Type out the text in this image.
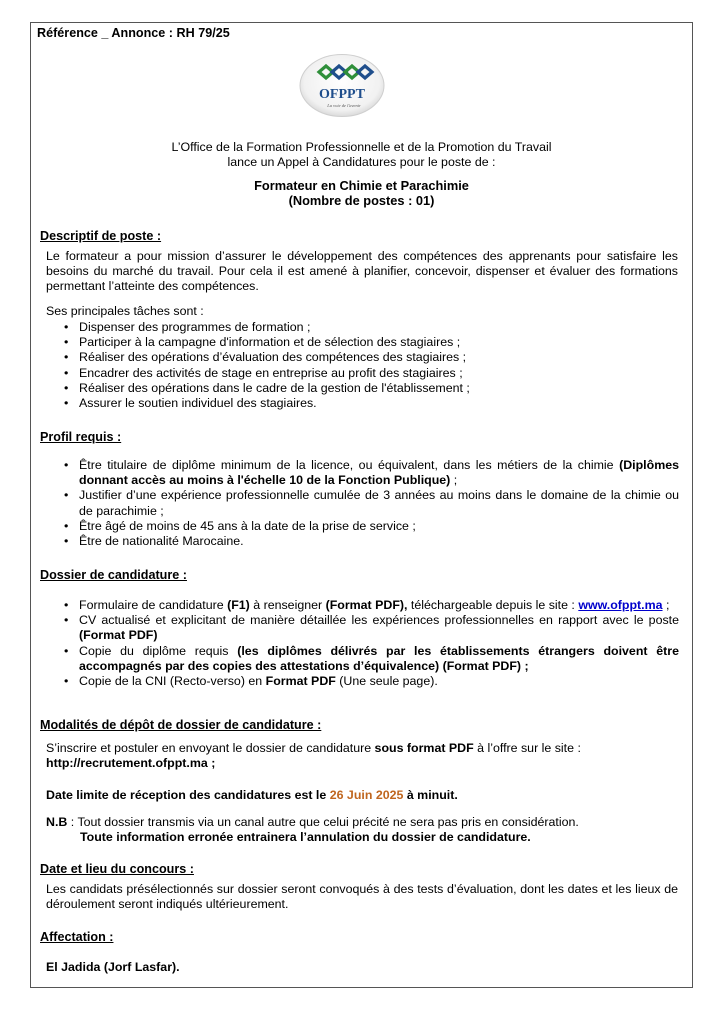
Référence _ Annonce : RH 79/25
OFPPT
La voie de l'avenir
L’Office de la Formation Professionnelle et de la Promotion du Travail
lance un Appel à Candidatures pour le poste de :
Formateur en Chimie et Parachimie
(Nombre de postes : 01)
Descriptif de poste :
Le formateur a pour mission d’assurer le développement des compétences des apprenants pour satisfaire les besoins du marché du travail. Pour cela il est amené à planifier, concevoir, dispenser et évaluer des formations permettant l’atteinte des compétences.
Ses principales tâches sont :
• Dispenser des programmes de formation ;
• Participer à la campagne d'information et de sélection des stagiaires ;
• Réaliser des opérations d’évaluation des compétences des stagiaires ;
• Encadrer des activités de stage en entreprise au profit des stagiaires ;
• Réaliser des opérations dans le cadre de la gestion de l'établissement ;
• Assurer le soutien individuel des stagiaires.
Profil requis :
• Être titulaire de diplôme minimum de la licence, ou équivalent, dans les métiers de la chimie (Diplômes donnant accès au moins à l'échelle 10 de la Fonction Publique) ;
• Justifier d’une expérience professionnelle cumulée de 3 années au moins dans le domaine de la chimie ou de parachimie ;
• Être âgé de moins de 45 ans à la date de la prise de service ;
• Être de nationalité Marocaine.
Dossier de candidature :
• Formulaire de candidature (F1) à renseigner (Format PDF), téléchargeable depuis le site : www.ofppt.ma ;
• CV actualisé et explicitant de manière détaillée les expériences professionnelles en rapport avec le poste (Format PDF)
• Copie du diplôme requis (les diplômes délivrés par les établissements étrangers doivent être accompagnés par des copies des attestations d’équivalence) (Format PDF) ;
• Copie de la CNI (Recto-verso) en Format PDF (Une seule page).
Modalités de dépôt de dossier de candidature :
S’inscrire et postuler en envoyant le dossier de candidature sous format PDF à l’offre sur le site :
http://recrutement.ofppt.ma ;
Date limite de réception des candidatures est le 26 Juin 2025 à minuit.
N.B : Tout dossier transmis via un canal autre que celui précité ne sera pas pris en considération.
Toute information erronée entrainera l’annulation du dossier de candidature.
Date et lieu du concours :
Les candidats présélectionnés sur dossier seront convoqués à des tests d’évaluation, dont les dates et les lieux de déroulement seront indiqués ultérieurement.
Affectation :
El Jadida (Jorf Lasfar).
